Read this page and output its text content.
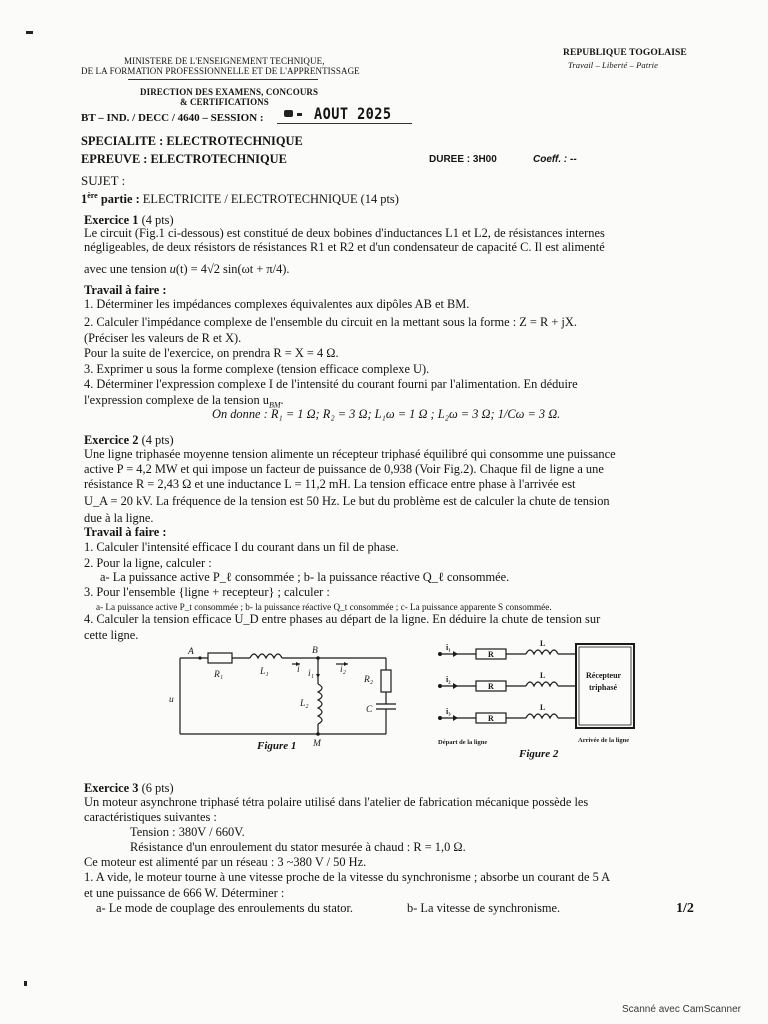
MINISTERE DE L'ENSEIGNEMENT TECHNIQUE,
DE LA FORMATION PROFESSIONNELLE ET DE L'APPRENTISSAGE
DIRECTION DES EXAMENS, CONCOURS
& CERTIFICATIONS
REPUBLIQUE TOGOLAISE
Travail – Liberté – Patrie
BT – IND. / DECC / 4640 – SESSION :	AOUT 2025
SPECIALITE : ELECTROTECHNIQUE
EPREUVE : ELECTROTECHNIQUE	DUREE : 3H00	Coeff. : --
SUJET :
1ère partie : ELECTRICITE / ELECTROTECHNIQUE (14 pts)
Exercice 1 (4 pts)
Le circuit (Fig.1 ci-dessous) est constitué de deux bobines d'inductances L1 et L2, de résistances internes
négligeables, de deux résistors de résistances R1 et R2 et d'un condensateur de capacité C. Il est alimenté
avec une tension u(t) = 4√2 sin(ωt + π/4).
Travail à faire :
1. Déterminer les impédances complexes équivalentes aux dipôles AB et BM.
2. Calculer l'impédance complexe de l'ensemble du circuit en la mettant sous la forme : Z = R + jX.
(Préciser les valeurs de R et X).
Pour la suite de l'exercice, on prendra R = X = 4 Ω.
3. Exprimer u sous la forme complexe (tension efficace complexe U).
4. Déterminer l'expression complexe I de l'intensité du courant fourni par l'alimentation. En déduire
l'expression complexe de la tension $u_{BM}$.
On donne : R₁ = 1 Ω; R₂ = 3 Ω; L₁ω = 1 Ω ; L₂ω = 3 Ω; 1/Cω = 3 Ω.
Exercice 2 (4 pts)
Une ligne triphasée moyenne tension alimente un récepteur triphasé équilibré qui consomme une puissance
active P = 4,2 MW et qui impose un facteur de puissance de 0,938 (Voir Fig.2). Chaque fil de ligne a une
résistance R = 2,43 Ω et une inductance L = 11,2 mH. La tension efficace entre phase à l'arrivée est
U_A = 20 kV. La fréquence de la tension est 50 Hz. Le but du problème est de calculer la chute de tension
due à la ligne.
Travail à faire :
1. Calculer l'intensité efficace I du courant dans un fil de phase.
2. Pour la ligne, calculer :
a- La puissance active P_ℓ consommée ; b- la puissance réactive Q_ℓ consommée.
3. Pour l'ensemble {ligne + recepteur} ; calculer :
a- La puissance active P_t consommée ; b- la puissance réactive Q_t consommée ; c- La puissance apparente S consommée.
4. Calculer la tension efficace U_D entre phases au départ de la ligne. En déduire la chute de tension sur
cette ligne.
A
R₁	L₁	i
B
i₁	i₂
L₂
R₂
C
u
M
Figure 1
i₁
i₂
i₃
R
R
R
L
L
L
Récepteur
triphasé
Départ de la ligne	Arrivée de la ligne
Figure 2
Exercice 3 (6 pts)
Un moteur asynchrone triphasé tétra polaire utilisé dans l'atelier de fabrication mécanique possède les
caractéristiques suivantes :
Tension : 380V / 660V.
Résistance d'un enroulement du stator mesurée à chaud : R = 1,0 Ω.
Ce moteur est alimenté par un réseau : 3 ~380 V / 50 Hz.
1. A vide, le moteur tourne à une vitesse proche de la vitesse du synchronisme ; absorbe un courant de 5 A
et une puissance de 666 W. Déterminer :
a- Le mode de couplage des enroulements du stator.	b- La vitesse de synchronisme.	1/2
Scanné avec CamScanner
